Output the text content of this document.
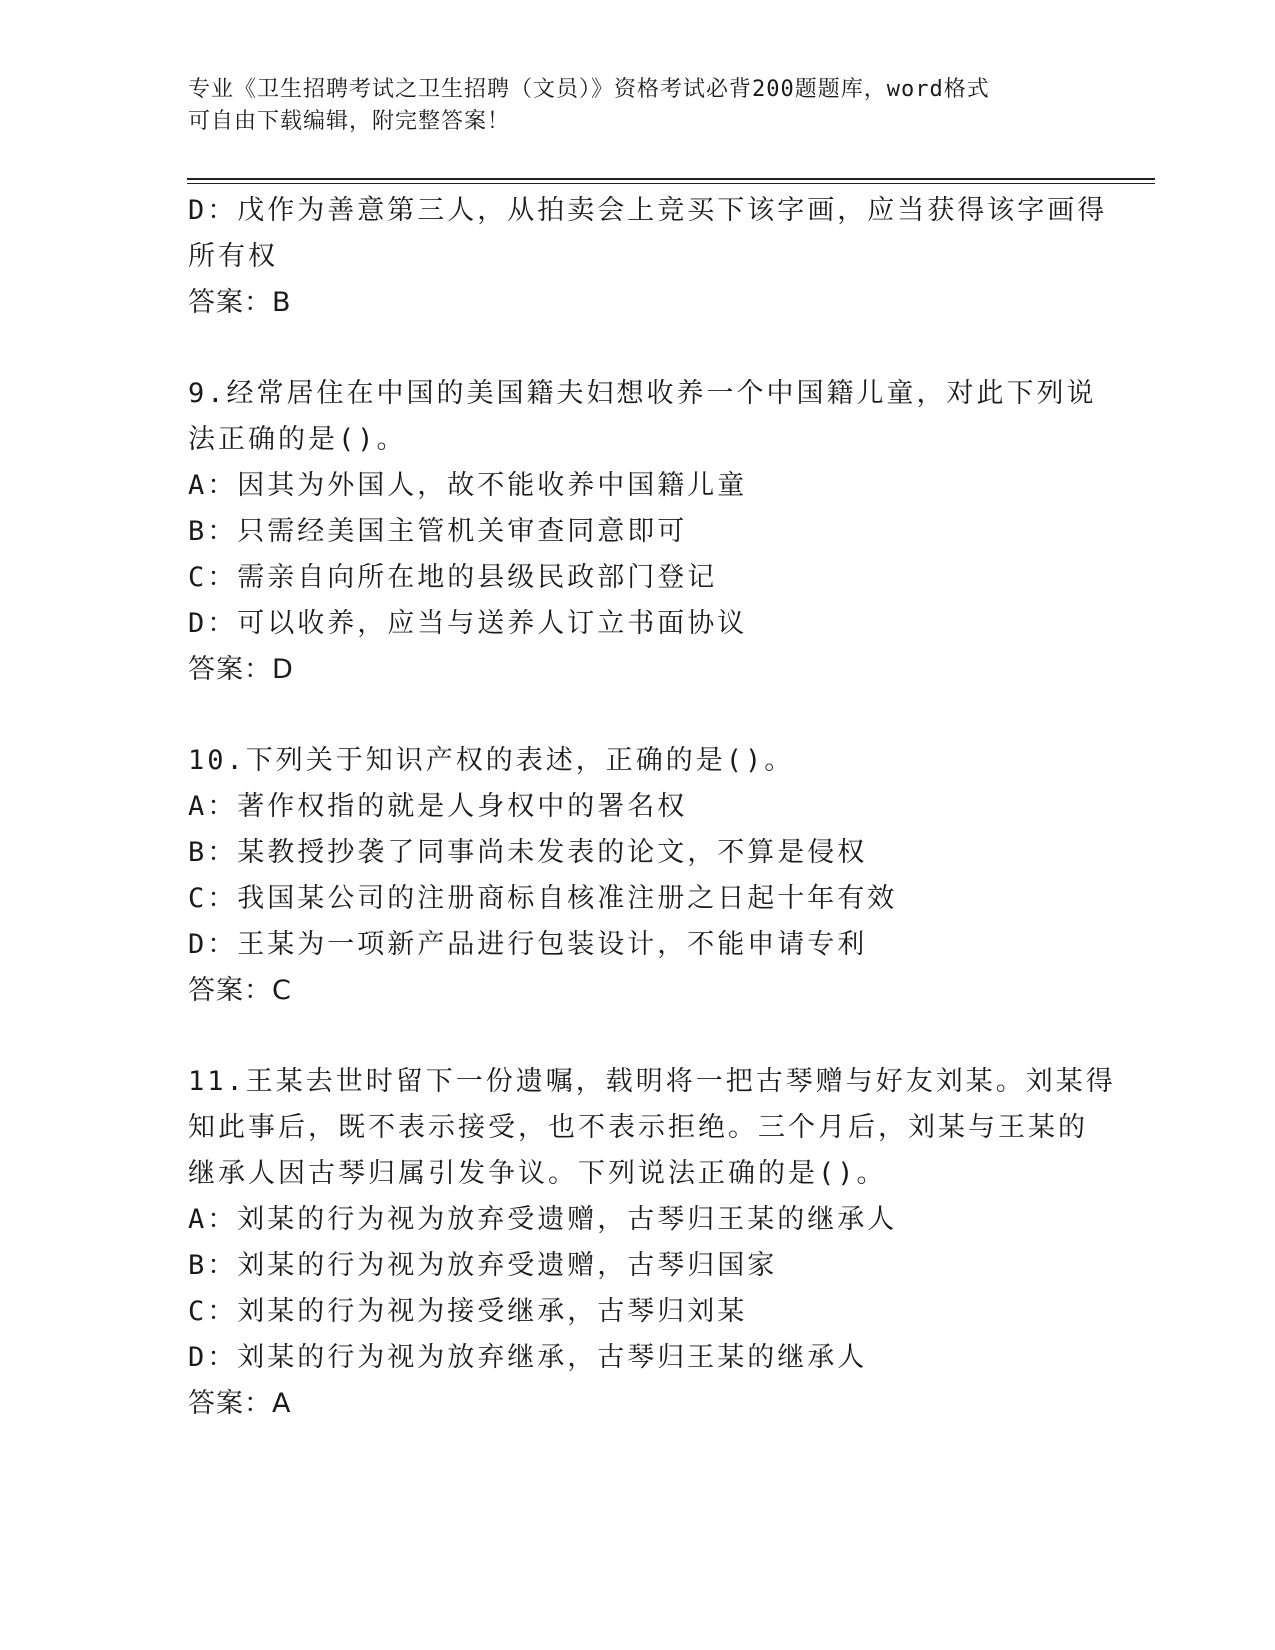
专业《卫生招聘考试之卫生招聘（文员）》资格考试必背200题题库，word格式
可自由下载编辑，附完整答案！
D：戊作为善意第三人，从拍卖会上竞买下该字画，应当获得该字画得
所有权
答案：B
9.经常居住在中国的美国籍夫妇想收养一个中国籍儿童，对此下列说
法正确的是()。
A：因其为外国人，故不能收养中国籍儿童
B：只需经美国主管机关审查同意即可
C：需亲自向所在地的县级民政部门登记
D：可以收养，应当与送养人订立书面协议
答案：D
10.下列关于知识产权的表述，正确的是()。
A：著作权指的就是人身权中的署名权
B：某教授抄袭了同事尚未发表的论文，不算是侵权
C：我国某公司的注册商标自核准注册之日起十年有效
D：王某为一项新产品进行包装设计，不能申请专利
答案：C
11.王某去世时留下一份遗嘱，载明将一把古琴赠与好友刘某。刘某得
知此事后，既不表示接受，也不表示拒绝。三个月后，刘某与王某的
继承人因古琴归属引发争议。下列说法正确的是()。
A：刘某的行为视为放弃受遗赠，古琴归王某的继承人
B：刘某的行为视为放弃受遗赠，古琴归国家
C：刘某的行为视为接受继承，古琴归刘某
D：刘某的行为视为放弃继承，古琴归王某的继承人
答案：A
